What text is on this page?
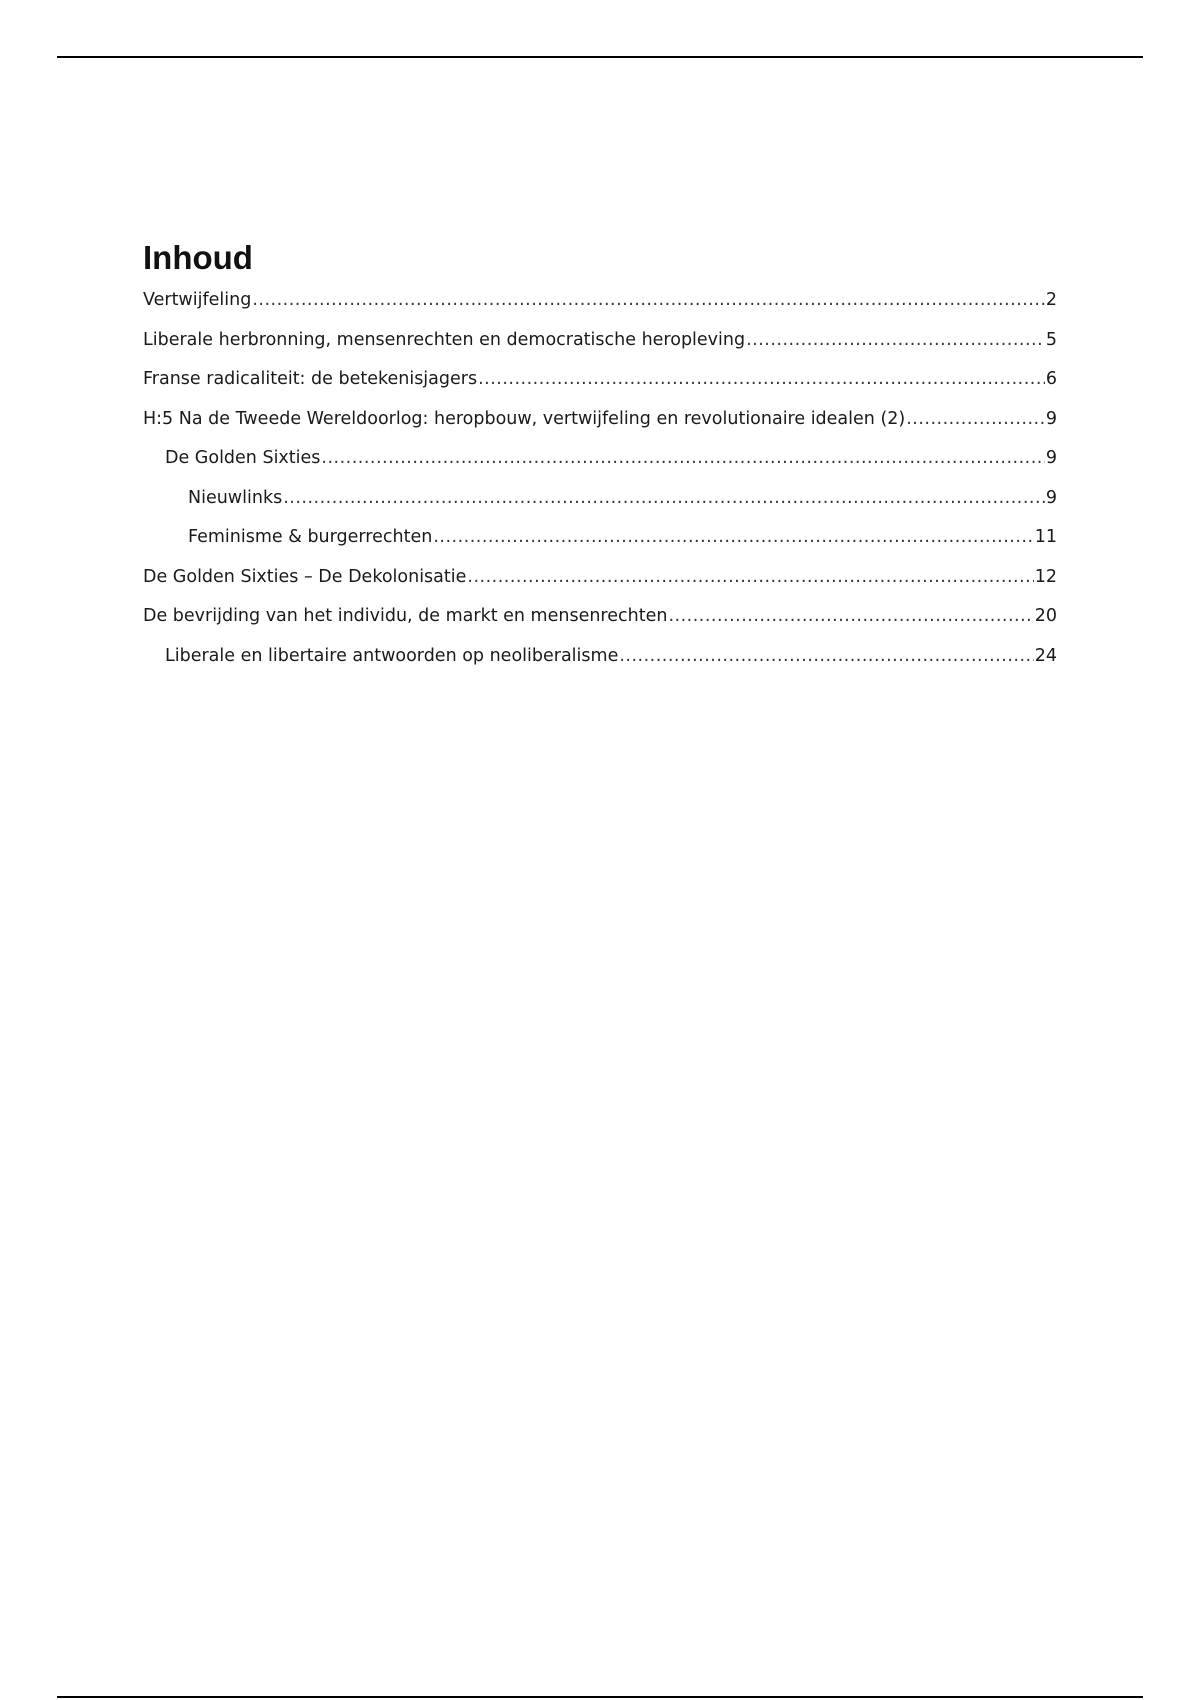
Inhoud
Vertwijfeling .....	2
Liberale herbronning, mensenrechten en democratische heropleving .....	5
Franse radicaliteit: de betekenisjagers .....	6
H:5 Na de Tweede Wereldoorlog: heropbouw, vertwijfeling en revolutionaire idealen (2) .....	9
De Golden Sixties .....	9
Nieuwlinks .....	9
Feminisme & burgerrechten .....	11
De Golden Sixties – De Dekolonisatie .....	12
De bevrijding van het individu, de markt en mensenrechten .....	20
Liberale en libertaire antwoorden op neoliberalisme .....	24
